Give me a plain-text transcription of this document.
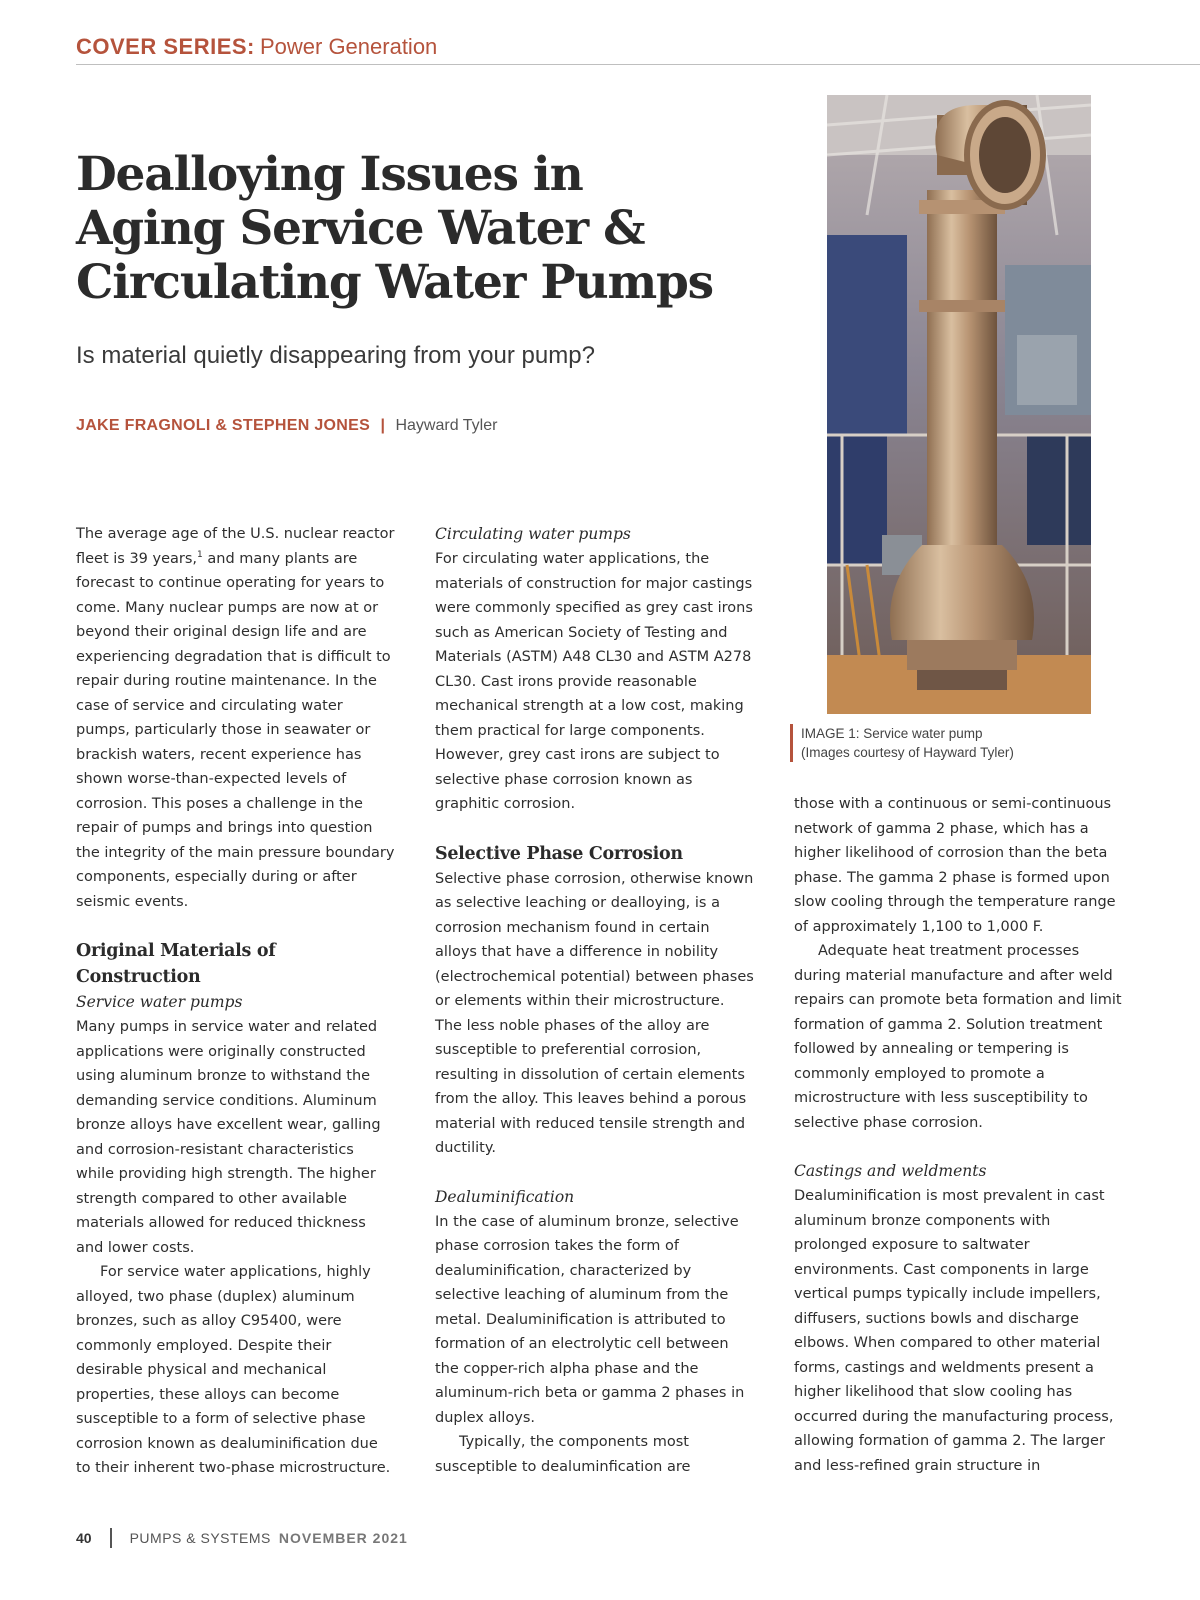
COVER SERIES: Power Generation
Dealloying Issues in Aging Service Water & Circulating Water Pumps
Is material quietly disappearing from your pump?
JAKE FRAGNOLI & STEPHEN JONES | Hayward Tyler
IMAGE 1: Service water pump
(Images courtesy of Hayward Tyler)

The average age of the U.S. nuclear reactor fleet is 39 years,$^1$ and many plants are forecast to continue operating for years to come. Many nuclear pumps are now at or beyond their original design life and are experiencing degradation that is difficult to repair during routine maintenance. In the case of service and circulating water pumps, particularly those in seawater or brackish waters, recent experience has shown worse-than-expected levels of corrosion. This poses a challenge in the repair of pumps and brings into question the integrity of the main pressure boundary components, especially during or after seismic events.

Original Materials of Construction
Service water pumps

Many pumps in service water and related applications were originally constructed using aluminum bronze to withstand the demanding service conditions. Aluminum bronze alloys have excellent wear, galling and corrosion-resistant characteristics while providing high strength. The higher strength compared to other available materials allowed for reduced thickness and lower costs.

For service water applications, highly alloyed, two phase (duplex) aluminum bronzes, such as alloy C95400, were commonly employed. Despite their desirable physical and mechanical properties, these alloys can become susceptible to a form of selective phase corrosion known as dealuminification due to their inherent two-phase microstructure.

Circulating water pumps

For circulating water applications, the materials of construction for major castings were commonly specified as grey cast irons such as American Society of Testing and Materials (ASTM) A48 CL30 and ASTM A278 CL30. Cast irons provide reasonable mechanical strength at a low cost, making them practical for large components. However, grey cast irons are subject to selective phase corrosion known as graphitic corrosion.

Selective Phase Corrosion

Selective phase corrosion, otherwise known as selective leaching or dealloying, is a corrosion mechanism found in certain alloys that have a difference in nobility (electrochemical potential) between phases or elements within their microstructure. The less noble phases of the alloy are susceptible to preferential corrosion, resulting in dissolution of certain elements from the alloy. This leaves behind a porous material with reduced tensile strength and ductility.

Dealuminification

In the case of aluminum bronze, selective phase corrosion takes the form of dealuminification, characterized by selective leaching of aluminum from the metal. Dealuminification is attributed to formation of an electrolytic cell between the copper-rich alpha phase and the aluminum-rich beta or gamma 2 phases in duplex alloys.

Typically, the components most susceptible to dealuminfication are

those with a continuous or semi-continuous network of gamma 2 phase, which has a higher likelihood of corrosion than the beta phase. The gamma 2 phase is formed upon slow cooling through the temperature range of approximately 1,100 to 1,000 F.

Adequate heat treatment processes during material manufacture and after weld repairs can promote beta formation and limit formation of gamma 2. Solution treatment followed by annealing or tempering is commonly employed to promote a microstructure with less susceptibility to selective phase corrosion.

Castings and weldments

Dealuminification is most prevalent in cast aluminum bronze components with prolonged exposure to saltwater environments. Cast components in large vertical pumps typically include impellers, diffusers, suctions bowls and discharge elbows. When compared to other material forms, castings and weldments present a higher likelihood that slow cooling has occurred during the manufacturing process, allowing formation of gamma 2. The larger and less-refined grain structure in

40	PUMPS & SYSTEMS NOVEMBER 2021
